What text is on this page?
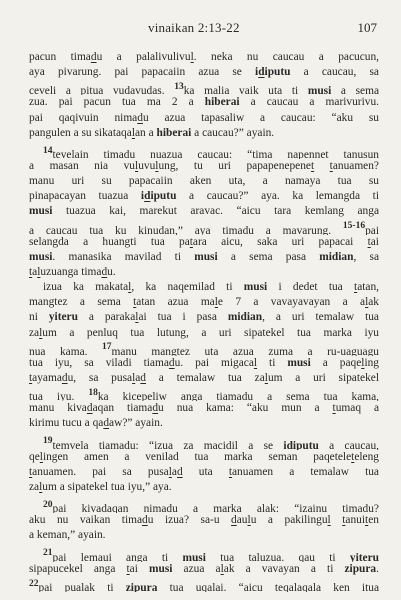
vinaikan 2:13-22	107
pacun timadu a palalivulivul. neka nu caucau a pacucun,
aya pivarung. pai papacaiin azua se idiputu a caucau, sa
ceveli a pitua vudavudas. $^{13}$ka malia vaik uta ti musi a sema
zua. pai pacun tua ma 2 a hiberai a caucau a marivurivu.
pai qaqivuin nimadu azua tapasaliw a caucau: “aku su
pangulen a su sikataqalan a hiberai a caucau?” ayain.
$^{14}$tevelain timadu nuazua caucau: “tima napennet tanusun
a masan nia vuluvulung, tu uri papapenepenet tanuamen?
manu uri su papacaiin aken uta, a namaya tua su
pinapacayan tuazua idiputu a caucau?” aya. ka lemangda ti
musi tuazua kai, marekut aravac. “aicu tara kemlang anga
a caucau tua ku kinudan,” aya timadu a mavarung. $^{15-16}$pai
selangda a huangti tua patara aicu, saka uri papacai tai
musi. manasika mavilad ti musi a sema pasa midian, sa
taluzuanga timadu.
izua ka makatal, ka naqemilad ti musi i dedet tua tatan,
mangtez a sema tatan azua male 7 a vavayavayan a alak
ni yiteru a parakalai tua i pasa midian, a uri temalaw tua
zalum a penluq tua lutung, a uri sipatekel tua marka iyu
nua kama. $^{17}$manu mangtez uta azua zuma a ru-uaguagu
tua iyu, sa viladi tiamadu. pai migacal ti musi a paqeling
tayamadu, sa pusalad a temalaw tua zalum a uri sipatekel
tua iyu. $^{18}$ka kicepeliw anga tiamadu a sema tua kama,
manu kivadaqan tiamadu nua kama: “aku mun a tumaq a
kirimu tucu a qadaw?” ayain.
$^{19}$temvela tiamadu: “izua za macidil a se idiputu a caucau,
qelingen amen a venilad tua marka seman paqeteleteleng
tanuamen. pai sa pusalad uta tanuamen a temalaw tua
zalum a sipatekel tua iyu,” aya.
$^{20}$pai kivadaqan nimadu a marka alak: “izainu timadu?
aku nu vaikan timadu izua? sa-u daulu a pakilingul tanuiten
a keman,” ayain.
$^{21}$pai lemaui anga ti musi tua taluzua. qau ti yiteru
sipapucekel anga tai musi azua alak a vavayan a ti zipura.
$^{22}$pai pualak ti zipura tua uqalai. “aicu teqalaqala ken itua
